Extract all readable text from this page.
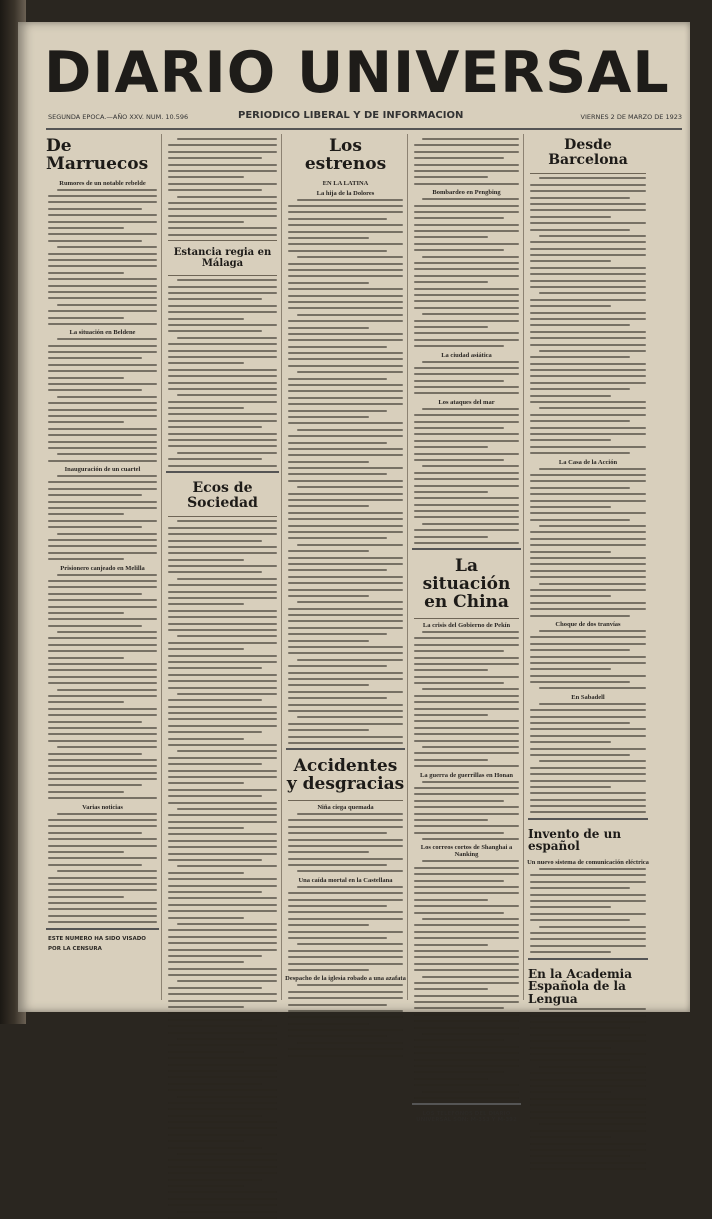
DIARIO UNIVERSAL
SEGUNDA EPOCA.—AÑO XXV. NUM. 10.596	PERIODICO LIBERAL Y DE INFORMACION	VIERNES 2 DE MARZO DE 1923
De Marruecos
Rumores de un notable rebelde
La situación en Beldene
Inauguración de un cuartel
Prisionero canjeado en Melilla
Varias noticias
ESTE NUMERO HA SIDO VISADO
POR LA CENSURA
Estancia regia en Málaga
Ecos de Sociedad
Los estrenos
EN LA LATINA
La hija de la Dolores
Accidentes y desgracias
Niña ciega quemada
Una caída mortal en la Castellana
Despacho de la iglesia robado a una azafata
Bombardeo en Pengbing
La ciudad asiática
Los ataques del mar
La situación en China
La crisis del Gobierno de Pekín
La guerra de guerrillas en Honan
Los correos cortos de Shanghai a Nanking
LOS TELEFONOS DEL DIARIO UNIVERSAL SON: M-353 Y M-392
Desde Barcelona
La Casa de la Acción
Choque de dos tranvías
En Sabadell
Invento de un español
Un nuevo sistema de comunicación eléctrica
En la Academia Española de la Lengua
